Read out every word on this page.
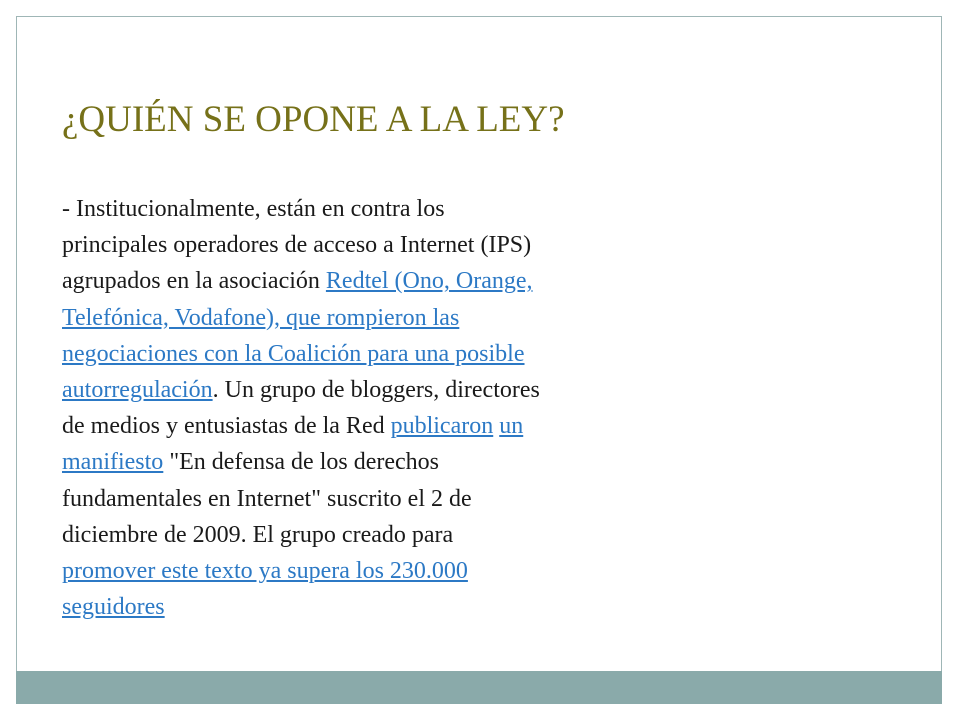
¿QUIÉN SE OPONE A LA LEY?
- Institucionalmente, están en contra los
principales operadores de acceso a Internet (IPS)
agrupados en la asociación Redtel (Ono, Orange,
Telefónica, Vodafone), que rompieron las
negociaciones con la Coalición para una posible
autorregulación. Un grupo de bloggers, directores
de medios y entusiastas de la Red publicaron un
manifiesto "En defensa de los derechos
fundamentales en Internet" suscrito el 2 de
diciembre de 2009. El grupo creado para
promover este texto ya supera los 230.000
seguidores
